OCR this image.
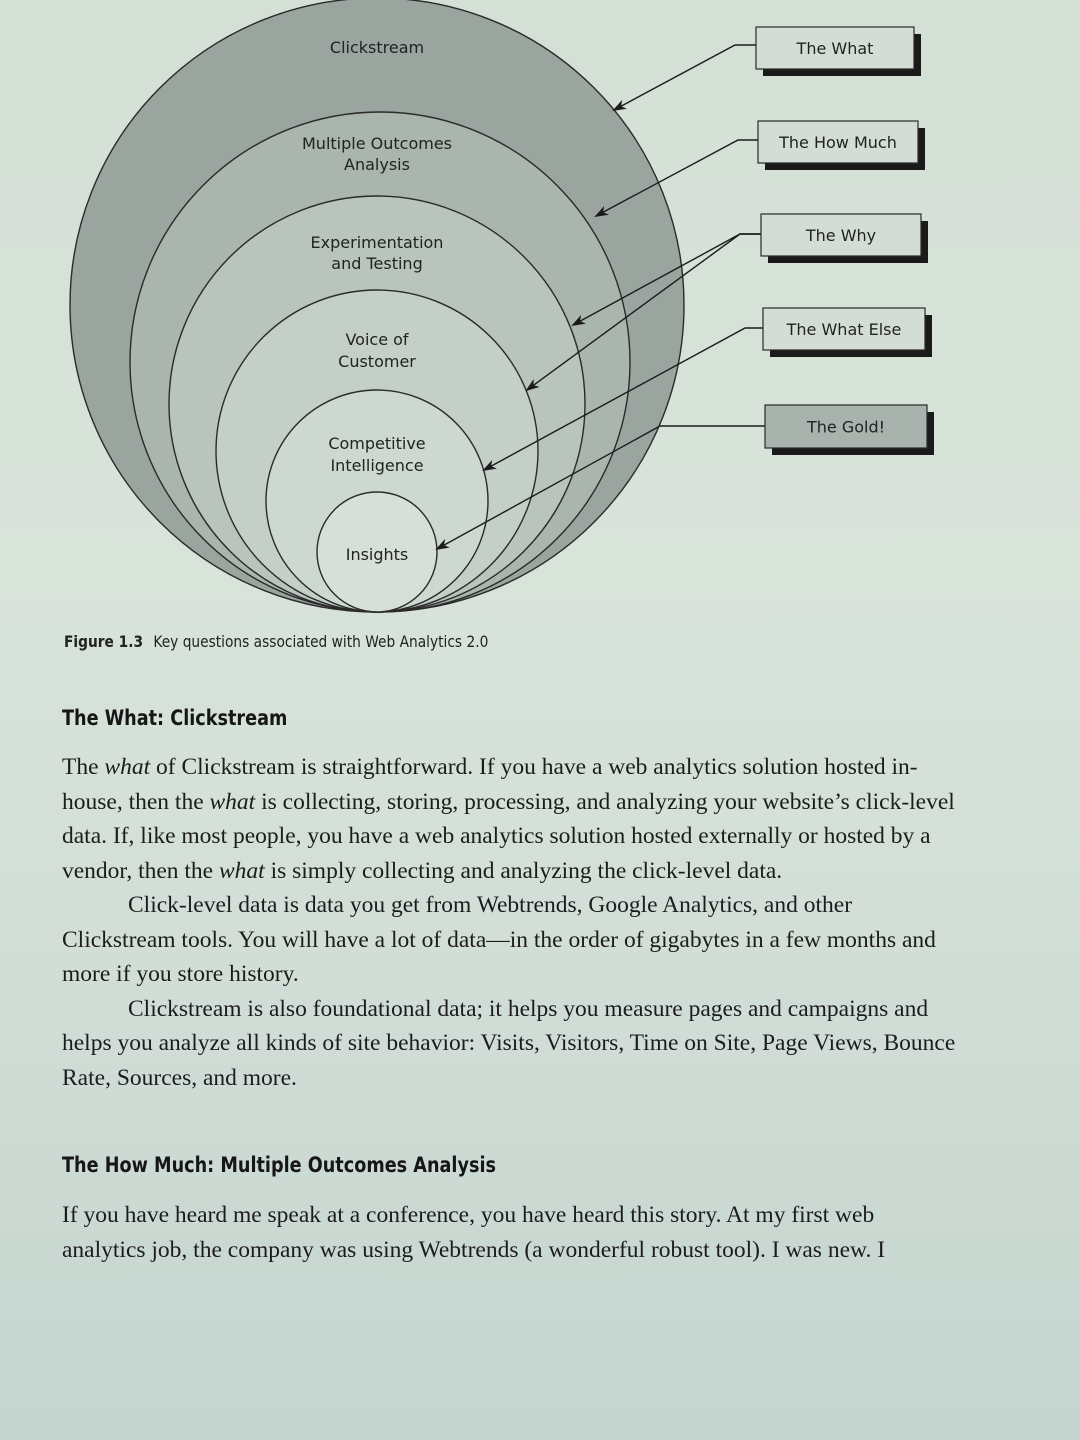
Clickstream
Multiple Outcomes
Analysis
Experimentation
and Testing
Voice of
Customer
Competitive
Intelligence
Insights
The What
The How Much
The Why
The What Else
The Gold!
Figure 1.3 Key questions associated with Web Analytics 2.0
The What: Clickstream

The what of Clickstream is straightforward. If you have a web analytics solution hosted in-house, then the what is collecting, storing, processing, and analyzing your website’s click-level data. If, like most people, you have a web analytics solution hosted externally or hosted by a vendor, then the what is simply collecting and analyzing the click-level data.

Click-level data is data you get from Webtrends, Google Analytics, and other Clickstream tools. You will have a lot of data—in the order of gigabytes in a few months and more if you store history.

Clickstream is also foundational data; it helps you measure pages and campaigns and helps you analyze all kinds of site behavior: Visits, Visitors, Time on Site, Page Views, Bounce Rate, Sources, and more.

The How Much: Multiple Outcomes Analysis

If you have heard me speak at a conference, you have heard this story. At my first web analytics job, the company was using Webtrends (a wonderful robust tool). I was new. I
